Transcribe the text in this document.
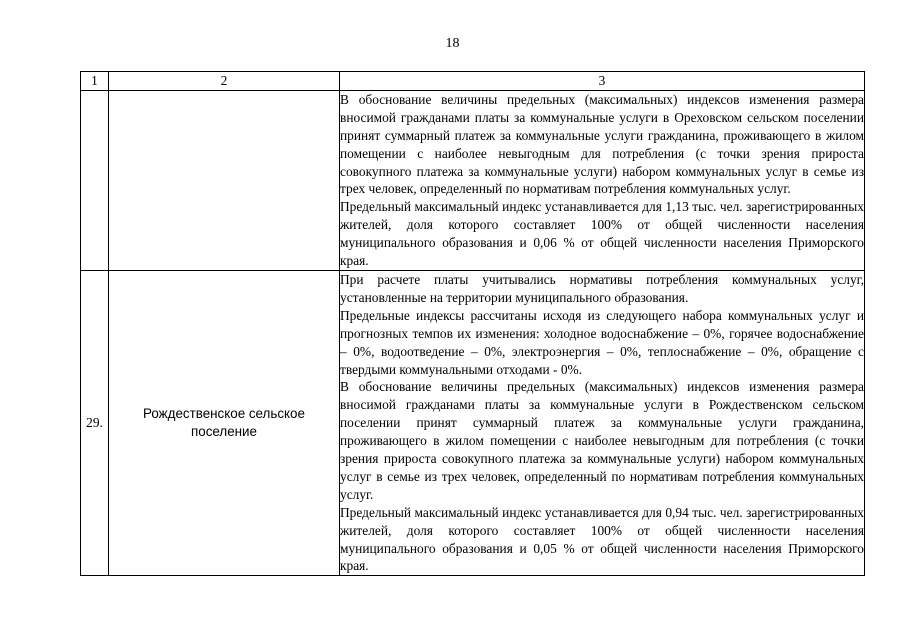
18
1	2	3

		В обоснование величины предельных (максимальных) индексов изменения размера вносимой гражданами платы за коммунальные услуги в Ореховском сельском поселении принят суммарный платеж за коммунальные услуги гражданина, проживающего в жилом помещении с наиболее невыгодным для потребления (с точки зрения прироста совокупного платежа за коммунальные услуги) набором коммунальных услуг в семье из трех человек, определенный по нормативам потребления коммунальных услуг.
Предельный максимальный индекс устанавливается для 1,13 тыс. чел. зарегистрированных жителей, доля которого составляет 100% от общей численности населения муниципального образования и 0,06 % от общей численности населения Приморского края.

29.	Рождественское сельское поселение	При расчете платы учитывались нормативы потребления коммунальных услуг, установленные на территории муниципального образования.
Предельные индексы рассчитаны исходя из следующего набора коммунальных услуг и прогнозных темпов их изменения: холодное водоснабжение – 0%, горячее водоснабжение – 0%, водоотведение – 0%, электроэнергия – 0%, теплоснабжение – 0%, обращение с твердыми коммунальными отходами - 0%.
В обоснование величины предельных (максимальных) индексов изменения размера вносимой гражданами платы за коммунальные услуги в Рождественском сельском поселении принят суммарный платеж за коммунальные услуги гражданина, проживающего в жилом помещении с наиболее невыгодным для потребления (с точки зрения прироста совокупного платежа за коммунальные услуги) набором коммунальных услуг в семье из трех человек, определенный по нормативам потребления коммунальных услуг.
Предельный максимальный индекс устанавливается для 0,94 тыс. чел. зарегистрированных жителей, доля которого составляет 100% от общей численности населения муниципального образования и 0,05 % от общей численности населения Приморского края.
